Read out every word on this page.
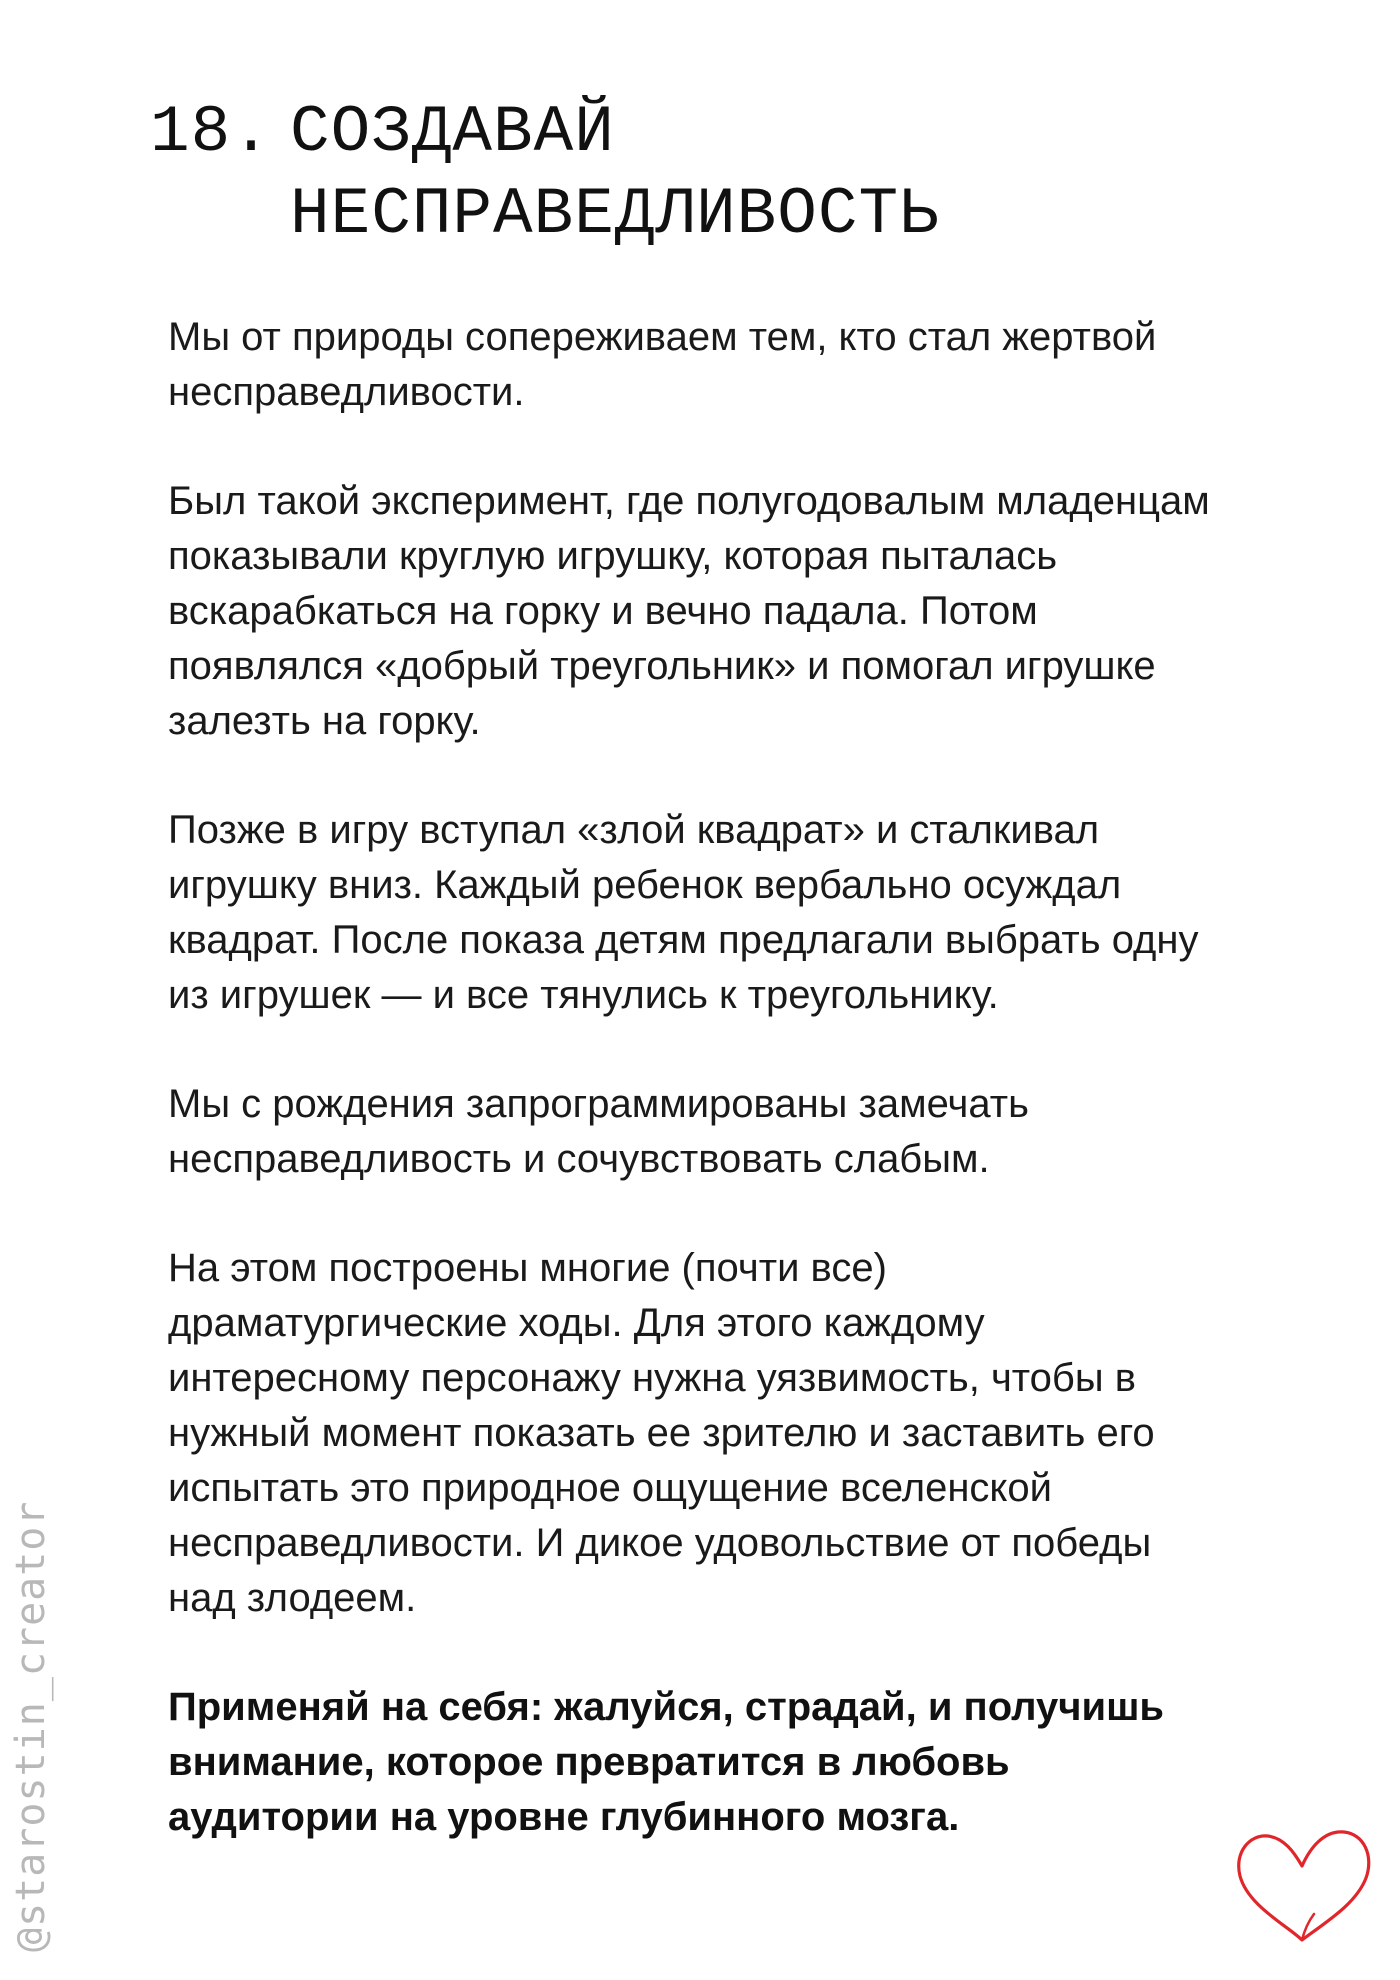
18. СОЗДАВАЙ
НЕСПРАВЕДЛИВОСТЬ

Мы от природы сопереживаем тем, кто стал жертвой несправедливости.

Был такой эксперимент, где полугодовалым младенцам показывали круглую игрушку, которая пыталась вскарабкаться на горку и вечно падала. Потом появлялся «добрый треугольник» и помогал игрушке залезть на горку.

Позже в игру вступал «злой квадрат» и сталкивал игрушку вниз. Каждый ребенок вербально осуждал квадрат. После показа детям предлагали выбрать одну из игрушек — и все тянулись к треугольнику.

Мы с рождения запрограммированы замечать несправедливость и сочувствовать слабым.

На этом построены многие (почти все) драматургические ходы. Для этого каждому интересному персонажу нужна уязвимость, чтобы в нужный момент показать ее зрителю и заставить его испытать это природное ощущение вселенской несправедливости. И дикое удовольствие от победы над злодеем.

Применяй на себя: жалуйся, страдай, и получишь внимание, которое превратится в любовь аудитории на уровне глубинного мозга.

@starostin_creator
